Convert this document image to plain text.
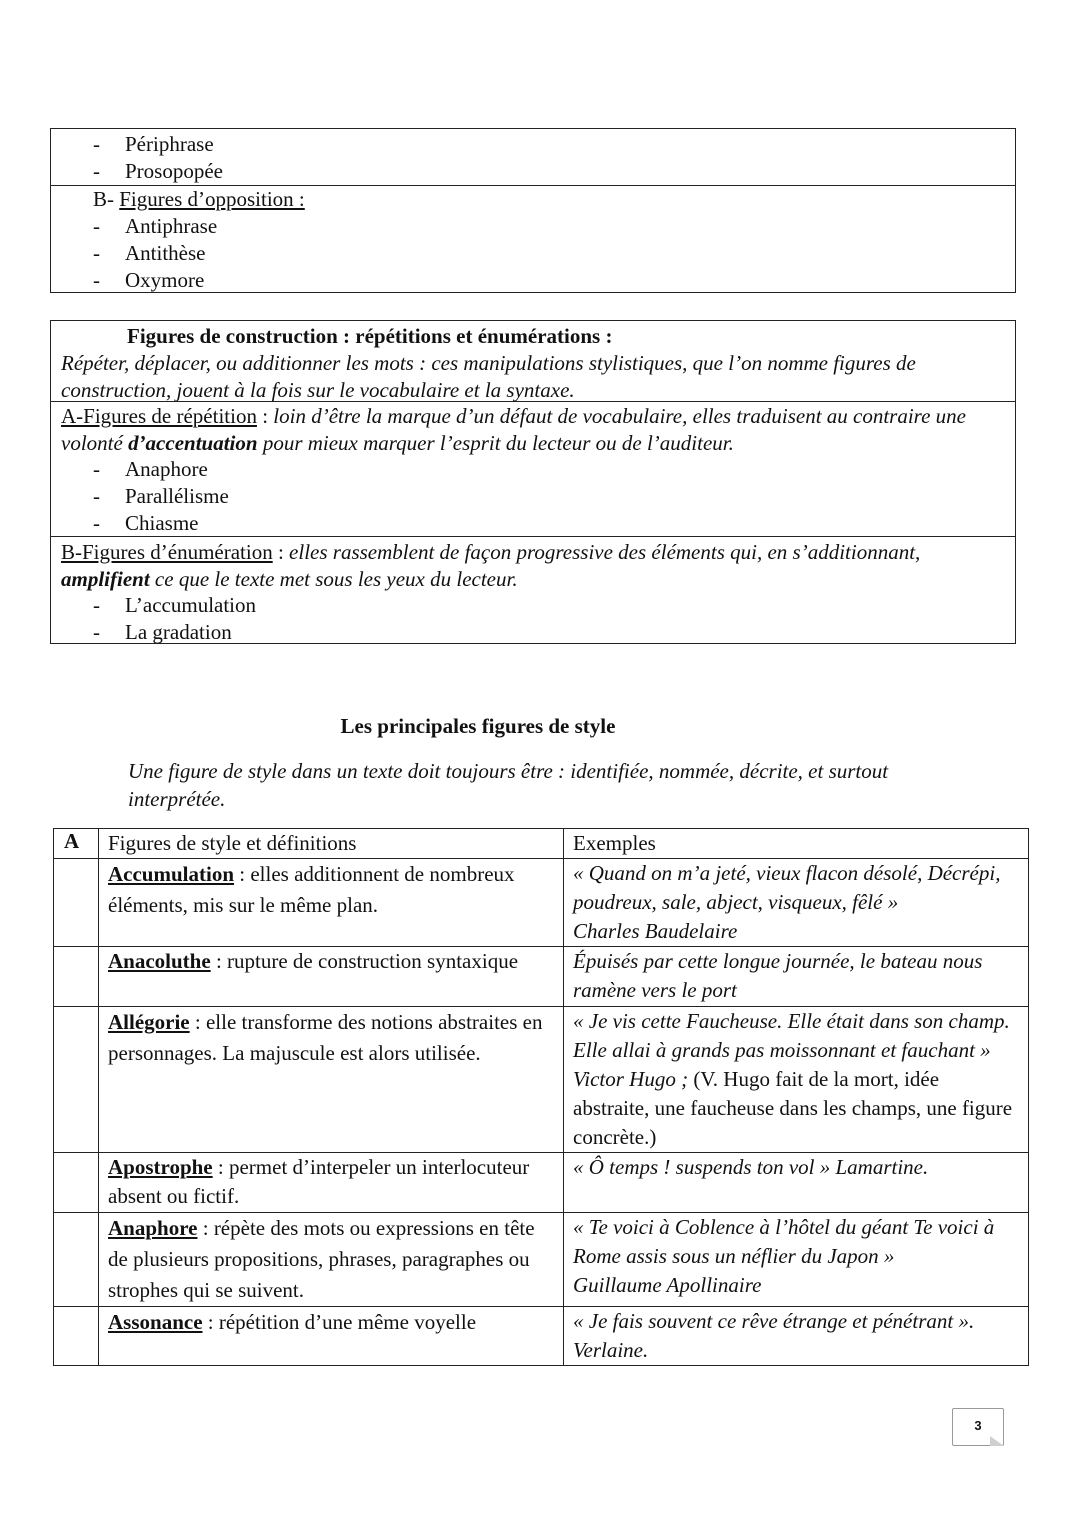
- Périphrase
- Prosopopée
B- Figures d’opposition :
- Antiphrase
- Antithèse
- Oxymore
Figures de construction : répétitions et énumérations :
Répéter, déplacer, ou additionner les mots : ces manipulations stylistiques, que l’on nomme figures de construction, jouent à la fois sur le vocabulaire et la syntaxe.
A-Figures de répétition : loin d’être la marque d’un défaut de vocabulaire, elles traduisent au contraire une volonté d’accentuation pour mieux marquer l’esprit du lecteur ou de l’auditeur.
- Anaphore
- Parallélisme
- Chiasme
B-Figures d’énumération : elles rassemblent de façon progressive des éléments qui, en s’additionnant, amplifient ce que le texte met sous les yeux du lecteur.
- L’accumulation
- La gradation
Les principales figures de style
Une figure de style dans un texte doit toujours être : identifiée, nommée, décrite, et surtout interprétée.
A	Figures de style et définitions	Exemples
	Accumulation : elles additionnent de nombreux éléments, mis sur le même plan.	« Quand on m’a jeté, vieux flacon désolé, Décrépi, poudreux, sale, abject, visqueux, fêlé »
Charles Baudelaire
	Anacoluthe : rupture de construction syntaxique	Épuisés par cette longue journée, le bateau nous ramène vers le port
	Allégorie : elle transforme des notions abstraites en personnages. La majuscule est alors utilisée.	« Je vis cette Faucheuse. Elle était dans son champ. Elle allai à grands pas moissonnant et fauchant » Victor Hugo ; (V. Hugo fait de la mort, idée abstraite, une faucheuse dans les champs, une figure concrète.)
	Apostrophe : permet d’interpeler un interlocuteur absent ou fictif.	« Ô temps ! suspends ton vol » Lamartine.
	Anaphore : répète des mots ou expressions en tête de plusieurs propositions, phrases, paragraphes ou strophes qui se suivent.	« Te voici à Coblence à l’hôtel du géant Te voici à Rome assis sous un néflier du Japon »
Guillaume Apollinaire
	Assonance : répétition d’une même voyelle	« Je fais souvent ce rêve étrange et pénétrant ».
Verlaine.
3
